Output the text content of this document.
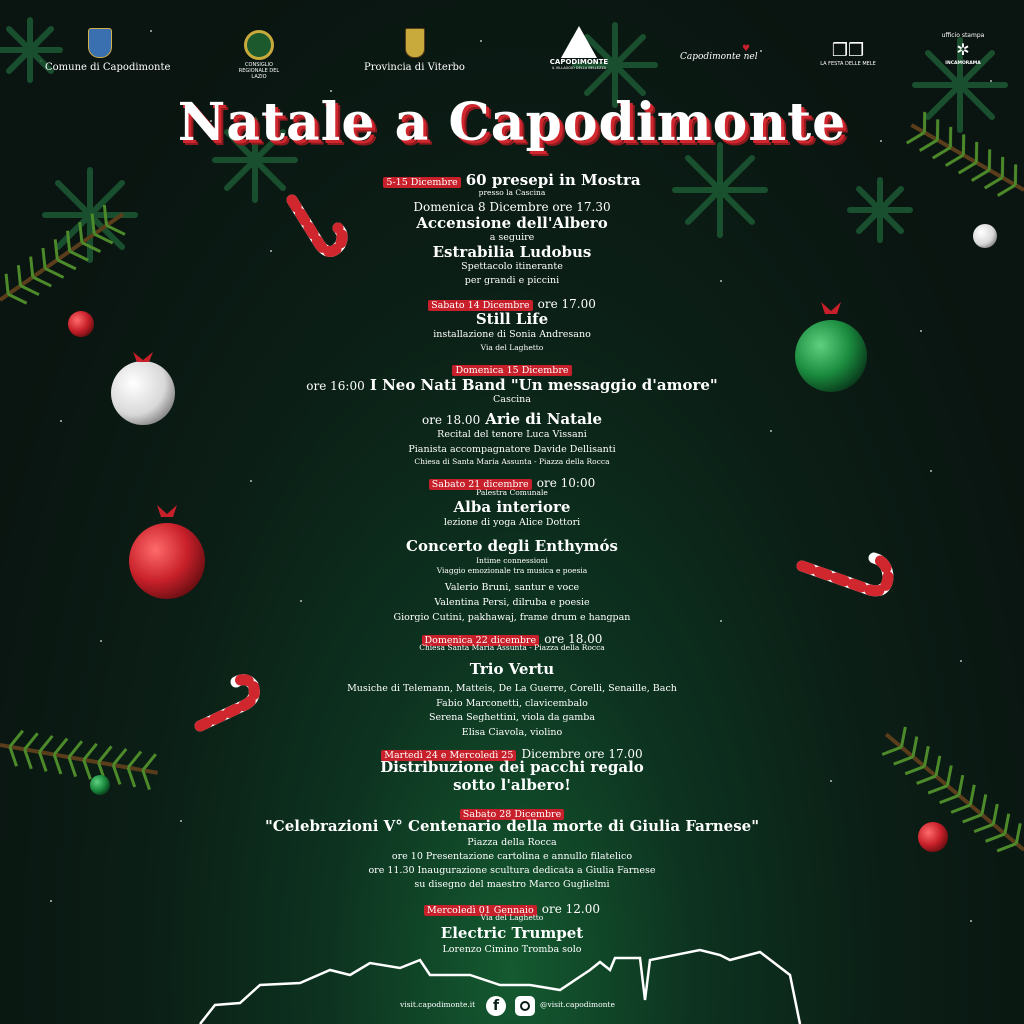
Comune di Capodimonte	CONSIGLIO REGIONALE DEL LAZIO
Provincia di Viterbo	CAPODIMONTE
IL VILLAGGIO DELLA BELLEZZA
Capodimonte nel
♥	❒❒
LA FESTA DELLE MELE
ufficio stampa
✲
INCAMORAMA
Natale a Capodimonte
5-15 Dicembre 60 presepi in Mostra
presso la Cascina
Domenica 8 Dicembre ore 17.30
Accensione dell'Albero
a seguire
Estrabilia Ludobus
Spettacolo itinerante
per grandi e piccini
Sabato 14 Dicembre ore 17.00
Still Life
installazione di Sonia Andresano
Via del Laghetto
Domenica 15 Dicembre
ore 16:00 I Neo Nati Band "Un messaggio d'amore"
Cascina
ore 18.00 Arie di Natale
Recital del tenore Luca Vissani
Pianista accompagnatore Davide Dellisanti
Chiesa di Santa Maria Assunta - Piazza della Rocca
Sabato 21 dicembre ore 10:00
Palestra Comunale
Alba interiore
lezione di yoga Alice Dottori
Concerto degli Enthymós
Intime connessioni
Viaggio emozionale tra musica e poesia
Valerio Bruni, santur e voce
Valentina Persi, dilruba e poesie
Giorgio Cutini, pakhawaj, frame drum e hangpan
Domenica 22 dicembre ore 18.00
Chiesa Santa Maria Assunta - Piazza della Rocca
Trio Vertu
Musiche di Telemann, Matteis, De La Guerre, Corelli, Senaille, Bach
Fabio Marconetti, clavicembalo
Serena Seghettini, viola da gamba
Elisa Ciavola, violino
Martedì 24 e Mercoledì 25 Dicembre ore 17.00
Distribuzione dei pacchi regalo
sotto l'albero!
Sabato 28 Dicembre
"Celebrazioni V° Centenario della morte di Giulia Farnese"
Piazza della Rocca
ore 10 Presentazione cartolina e annullo filatelico
ore 11.30 Inaugurazione scultura dedicata a Giulia Farnese
su disegno del maestro Marco Guglielmi
Mercoledì 01 Gennaio ore 12.00
Via del Laghetto
Electric Trumpet
Lorenzo Cimino Tromba solo
visit.capodimonte.it	f	@visit.capodimonte
